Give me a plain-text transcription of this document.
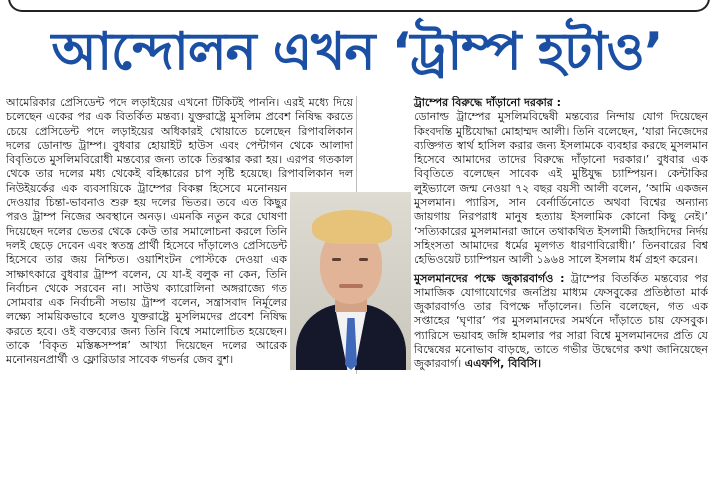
আন্দোলন এখন ‘ট্রাম্প হটাও’

আমেরিকার প্রেসিডেন্ট পদে লড়াইয়ের এখনো টিকিটই পাননি। এরই মধ্যে দিয়ে চলেছেন একের পর এক বিতর্কিত মন্তব্য। যুক্তরাষ্ট্রে মুসলিম প্রবেশ নিষিদ্ধ করতে চেয়ে প্রেসিডেন্ট পদে লড়াইয়ের অধিকারই খোয়াতে চলেছেন রিপাবলিকান দলের ডোনাল্ড ট্রাম্প। বুধবার হোয়াইট হাউস এবং পেন্টাগন থেকে আলাদা বিবৃতিতে মুসলিমবিরোধী মন্তব্যের জন্য তাকে তিরস্কার করা হয়। এরপর গতকাল থেকে তার দলের মধ্য থেকেই বহিষ্কারের চাপ সৃষ্টি হয়েছে। রিপাবলিকান দল নিউইয়র্কের এক ব্যবসায়িকে ট্রাম্পের বিকল্প হিসেবে মনোনয়ন দেওয়ার চিন্তা-ভাবনাও শুরু হয় দলের ভিতর। তবে এত কিছুর পরও ট্রাম্প নিজের অবস্থানে অনড়। এমনকি নতুন করে ঘোষণা দিয়েছেন দলের ভেতর থেকে কেউ তার সমালোচনা করলে তিনি দলই ছেড়ে দেবেন এবং স্বতন্ত্র প্রার্থী হিসেবে দাঁড়ালেও প্রেসিডেন্ট হিসেবে তার জয় নিশ্চিত। ওয়াশিংটন পোস্টকে দেওয়া এক সাক্ষাৎকারে বুধবার ট্রাম্প বলেন, যে যা-ই বলুক না কেন, তিনি নির্বাচন থেকে সরবেন না। সাউথ ক্যারোলিনা অঙ্গরাজ্যে গত সোমবার এক নির্বাচনী সভায় ট্রাম্প বলেন, সন্ত্রাসবাদ নির্মূলের লক্ষ্যে সাময়িকভাবে হলেও যুক্তরাষ্ট্রে মুসলিমদের প্রবেশ নিষিদ্ধ করতে হবে। ওই বক্তব্যের জন্য তিনি বিশ্বে সমালোচিত হয়েছেন। তাকে ‘বিকৃত মস্তিষ্কসম্পন্ন’ আখ্যা দিয়েছেন দলের আরেক মনোনয়নপ্রার্থী ও ফ্লোরিডার সাবেক গভর্নর জেব বুশ।

ট্রাম্পের বিরুদ্ধে দাঁড়ানো দরকার :

ডোনাল্ড ট্রাম্পের মুসলিমবিদ্বেষী মন্তব্যের নিন্দায় যোগ দিয়েছেন কিংবদন্তি মুষ্টিযোদ্ধা মোহাম্মদ আলী। তিনি বলেছেন, ‘যারা নিজেদের ব্যক্তিগত স্বার্থ হাসিল করার জন্য ইসলামকে ব্যবহার করছে মুসলমান হিসেবে আমাদের তাদের বিরুদ্ধে দাঁড়ানো দরকার।’ বুধবার এক বিবৃতিতে বলেছেন সাবেক এই মুষ্টিযুদ্ধ চ্যাম্পিয়ন। কেন্টাকির লুইভ্যালে জন্ম নেওয়া ৭২ বছর বয়সী আলী বলেন, ‘আমি একজন মুসলমান। প্যারিস, সান বের্নার্ডিনোতে অথবা বিশ্বের অন্যান্য জায়গায় নিরপরাধ মানুষ হত্যায় ইসলামিক কোনো কিছু নেই।’ ‘সত্যিকারের মুসলমানরা জানে তথাকথিত ইসলামী জিহাদিদের নির্দয় সহিংসতা আমাদের ধর্মের মূলগত ধারণাবিরোধী।’ তিনবারের বিশ্ব হেভিওয়েট চ্যাম্পিয়ন আলী ১৯৬৪ সালে ইসলাম ধর্ম গ্রহণ করেন।

মুসলমানদের পক্ষে জুকারবার্গও : ট্রাম্পের বিতর্কিত মন্তব্যের পর সামাজিক যোগাযোগের জনপ্রিয় মাধ্যম ফেসবুকের প্রতিষ্ঠাতা মার্ক জুকারবার্গও তার বিপক্ষে দাঁড়ালেন। তিনি বলেছেন, গত এক সপ্তাহের ‘ঘৃণার’ পর মুসলমানদের সমর্থনে দাঁড়াতে চায় ফেসবুক। প্যারিসে ভয়াবহ জঙ্গি হামলার পর সারা বিশ্বে মুসলমানদের প্রতি যে বিদ্বেষের মনোভাব বাড়ছে, তাতে গভীর উদ্বেগের কথা জানিয়েছেন জুকারবার্গ। এএফপি, বিবিসি।
